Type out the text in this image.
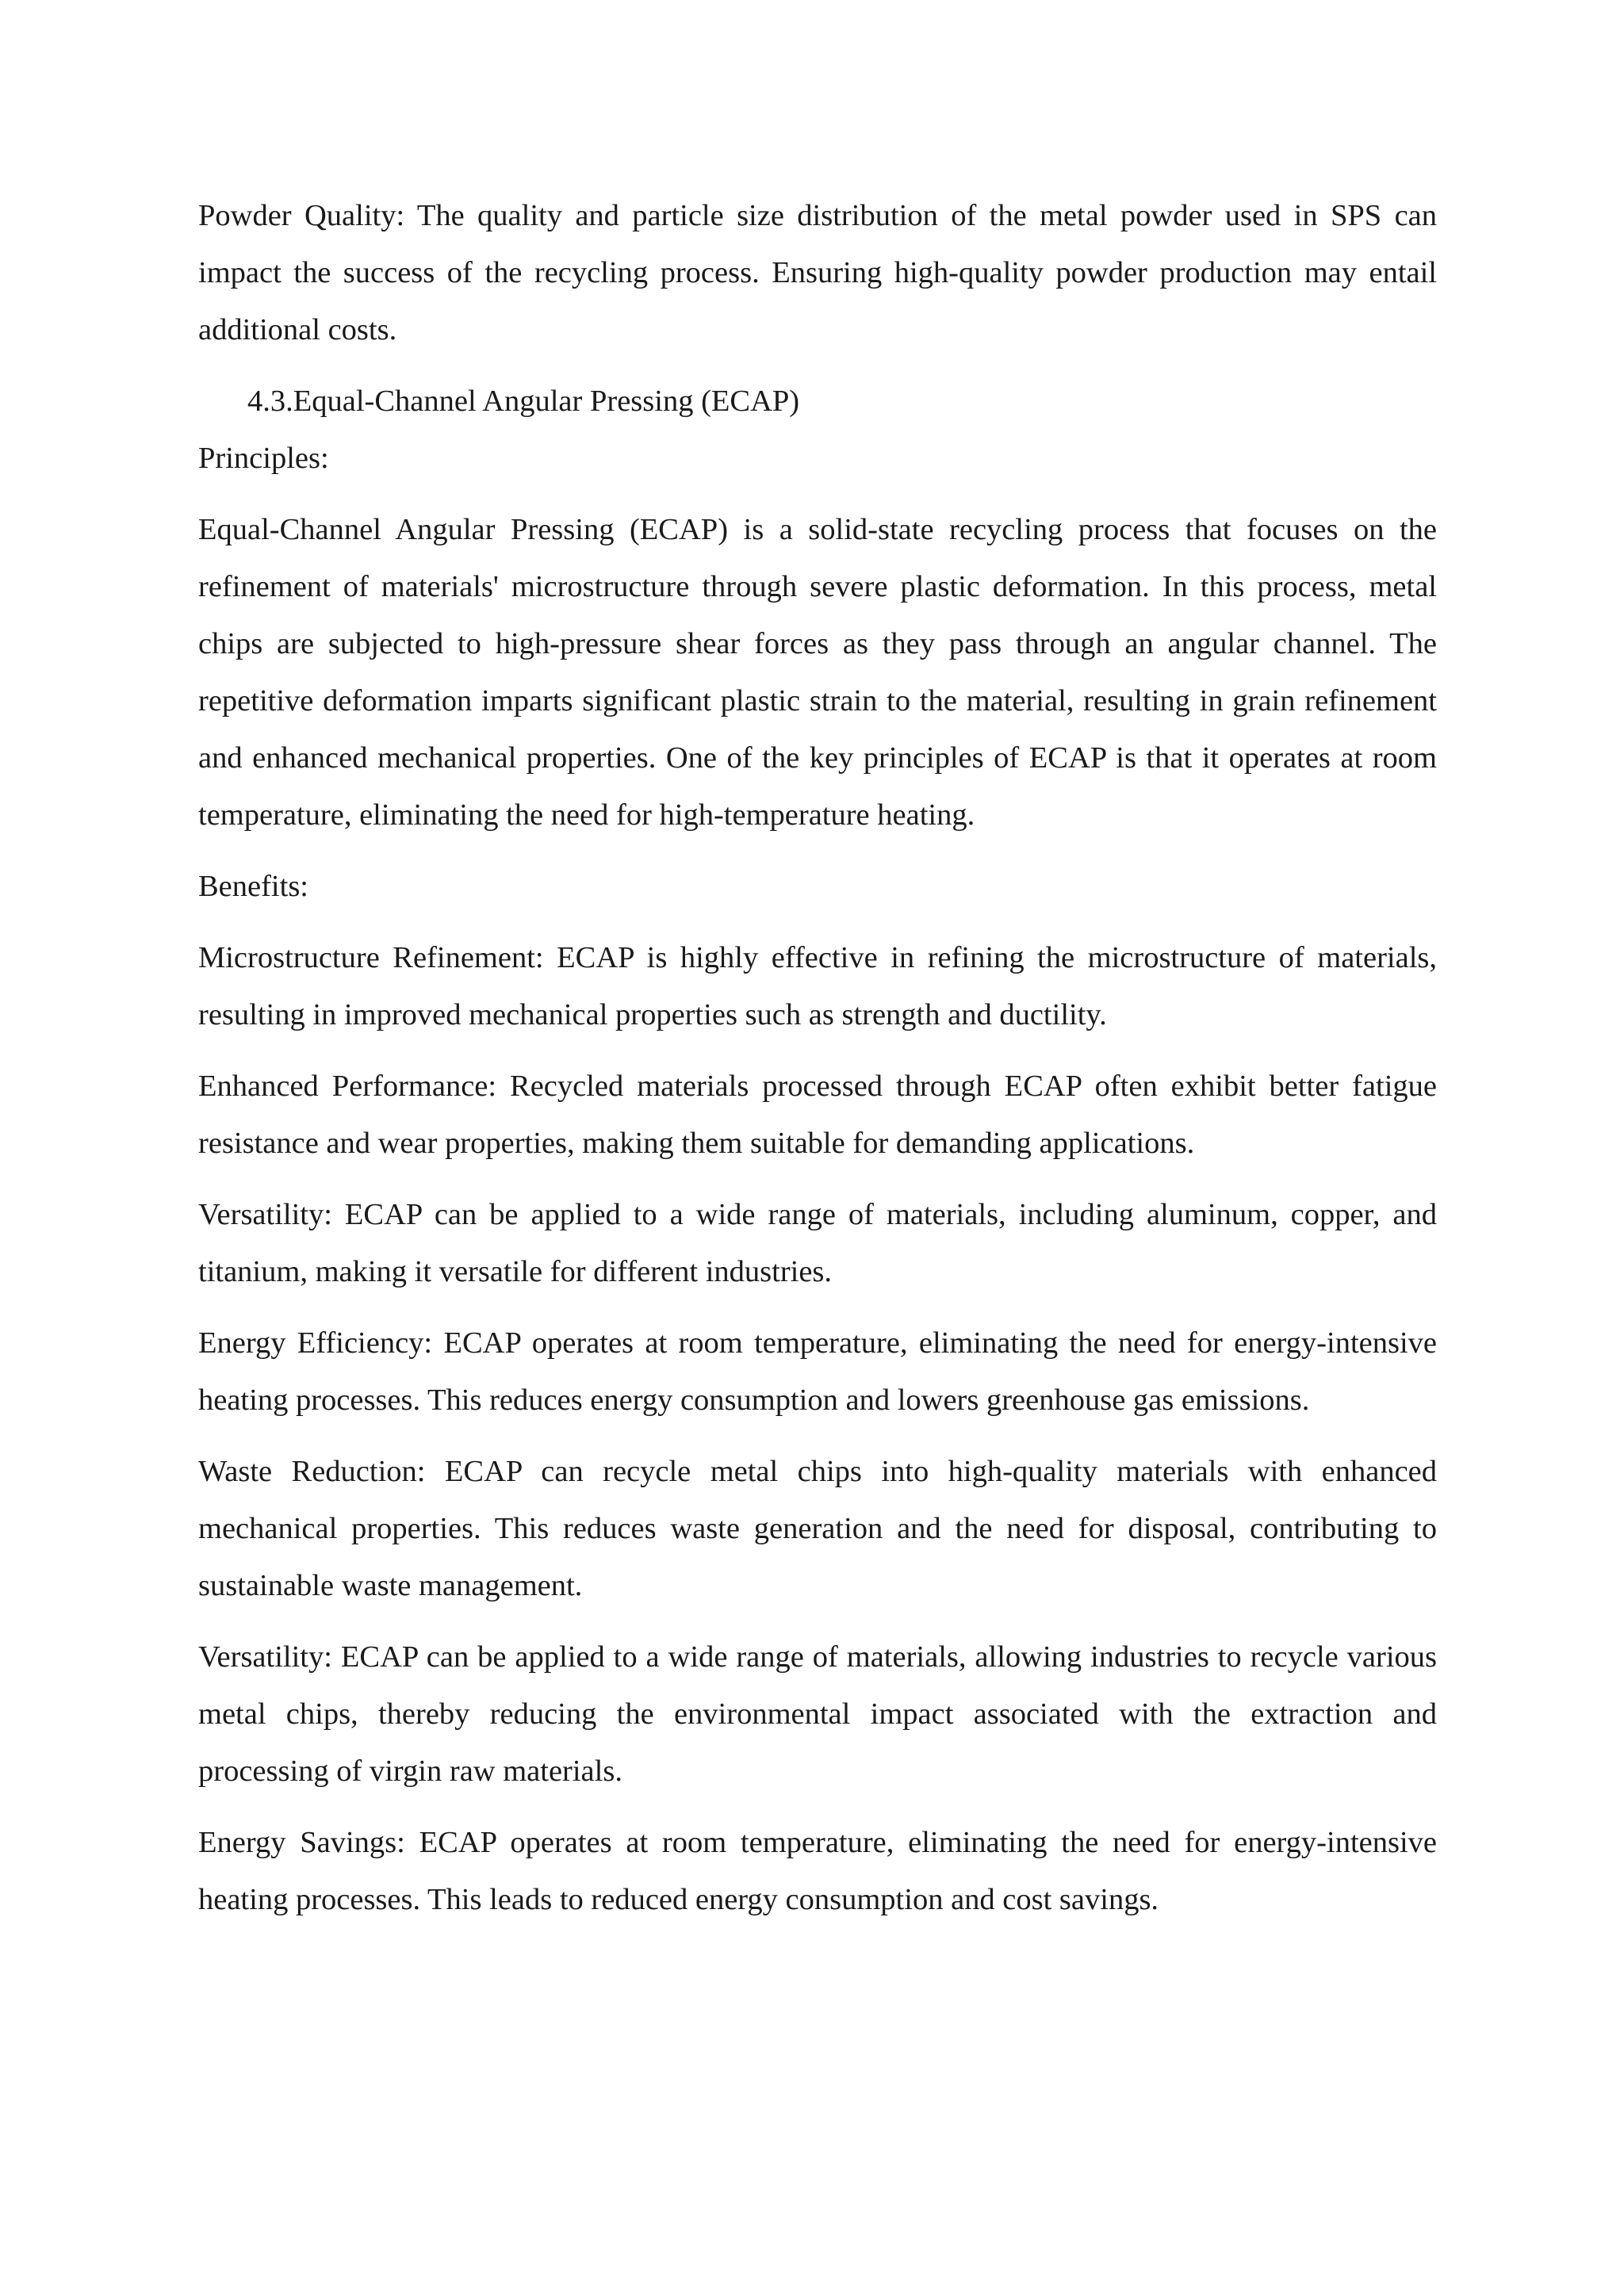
Powder Quality: The quality and particle size distribution of the metal powder used in SPS can impact the success of the recycling process. Ensuring high-quality powder production may entail additional costs.

4.3.Equal-Channel Angular Pressing (ECAP)
Principles:

Equal-Channel Angular Pressing (ECAP) is a solid-state recycling process that focuses on the refinement of materials' microstructure through severe plastic deformation. In this process, metal chips are subjected to high-pressure shear forces as they pass through an angular channel. The repetitive deformation imparts significant plastic strain to the material, resulting in grain refinement and enhanced mechanical properties. One of the key principles of ECAP is that it operates at room temperature, eliminating the need for high-temperature heating.

Benefits:

Microstructure Refinement: ECAP is highly effective in refining the microstructure of materials, resulting in improved mechanical properties such as strength and ductility.

Enhanced Performance: Recycled materials processed through ECAP often exhibit better fatigue resistance and wear properties, making them suitable for demanding applications.

Versatility: ECAP can be applied to a wide range of materials, including aluminum, copper, and titanium, making it versatile for different industries.

Energy Efficiency: ECAP operates at room temperature, eliminating the need for energy-intensive heating processes. This reduces energy consumption and lowers greenhouse gas emissions.

Waste Reduction: ECAP can recycle metal chips into high-quality materials with enhanced mechanical properties. This reduces waste generation and the need for disposal, contributing to sustainable waste management.

Versatility: ECAP can be applied to a wide range of materials, allowing industries to recycle various metal chips, thereby reducing the environmental impact associated with the extraction and processing of virgin raw materials.

Energy Savings: ECAP operates at room temperature, eliminating the need for energy-intensive heating processes. This leads to reduced energy consumption and cost savings.
